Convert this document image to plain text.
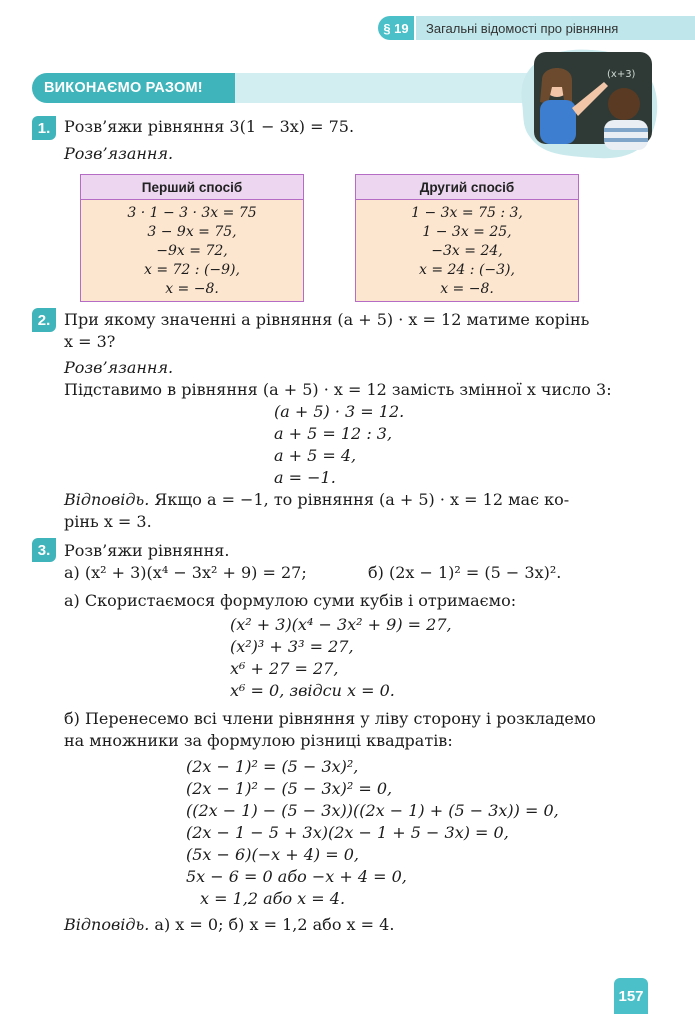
§ 19	Загальні відомості про рівняння
ВИКОНАЄМО РАЗОМ!
(x+3)
1. Розв’яжи рівняння 3(1 − 3x) = 75.
Розв’язання.
Перший спосіб
3 · 1 − 3 · 3x = 75
3 − 9x = 75,
−9x = 72,
x = 72 : (−9),
x = −8.
Другий спосіб
1 − 3x = 75 : 3,
1 − 3x = 25,
−3x = 24,
x = 24 : (−3),
x = −8.
2. При якому значенні a рівняння (a + 5) · x = 12 матиме корінь
x = 3?
Розв’язання.
Підставимо в рівняння (a + 5) · x = 12 замість змінної x число 3:
(a + 5) · 3 = 12.
a + 5 = 12 : 3,
a + 5 = 4,
a = −1.
Відповідь. Якщо a = −1, то рівняння (a + 5) · x = 12 має ко-
рінь x = 3.
3. Розв’яжи рівняння.
а) (x² + 3)(x⁴ − 3x² + 9) = 27;	б) (2x − 1)² = (5 − 3x)².
а) Скористаємося формулою суми кубів і отримаємо:
(x² + 3)(x⁴ − 3x² + 9) = 27,
(x²)³ + 3³ = 27,
x⁶ + 27 = 27,
x⁶ = 0, звідси x = 0.
б) Перенесемо всі члени рівняння у ліву сторону і розкладемо
на множники за формулою різниці квадратів:
(2x − 1)² = (5 − 3x)²,
(2x − 1)² − (5 − 3x)² = 0,
((2x − 1) − (5 − 3x))((2x − 1) + (5 − 3x)) = 0,
(2x − 1 − 5 + 3x)(2x − 1 + 5 − 3x) = 0,
(5x − 6)(−x + 4) = 0,
5x − 6 = 0 або −x + 4 = 0,
x = 1,2 або x = 4.
Відповідь. а) x = 0; б) x = 1,2 або x = 4.
157
